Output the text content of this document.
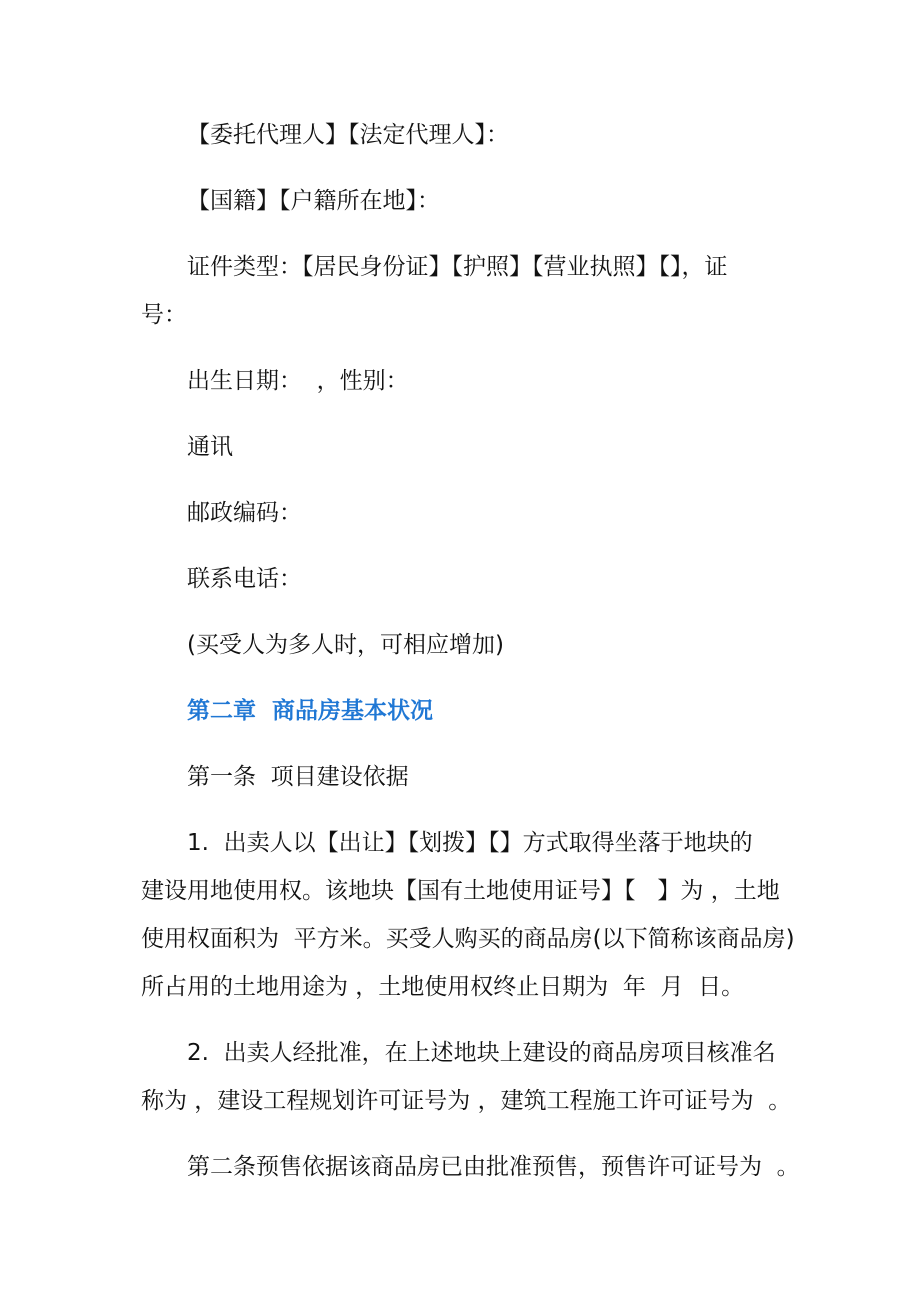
【委托代理人】【法定代理人】：
【国籍】【户籍所在地】：
证件类型：【居民身份证】【护照】【营业执照】【】，证
号：
出生日期：  ，性别：
通讯
邮政编码：
联系电话：
(买受人为多人时，可相应增加)
第二章  商品房基本状况
第一条  项目建设依据
1.  出卖人以【出让】【划拨】【】方式取得坐落于地块的
建设用地使用权。该地块【国有土地使用证号】【   】为 ，土地
使用权面积为  平方米。买受人购买的商品房(以下简称该商品房)
所占用的土地用途为 ，土地使用权终止日期为  年  月  日。
2.  出卖人经批准，在上述地块上建设的商品房项目核准名
称为 ，建设工程规划许可证号为 ，建筑工程施工许可证号为  。
第二条预售依据该商品房已由批准预售，预售许可证号为  。
